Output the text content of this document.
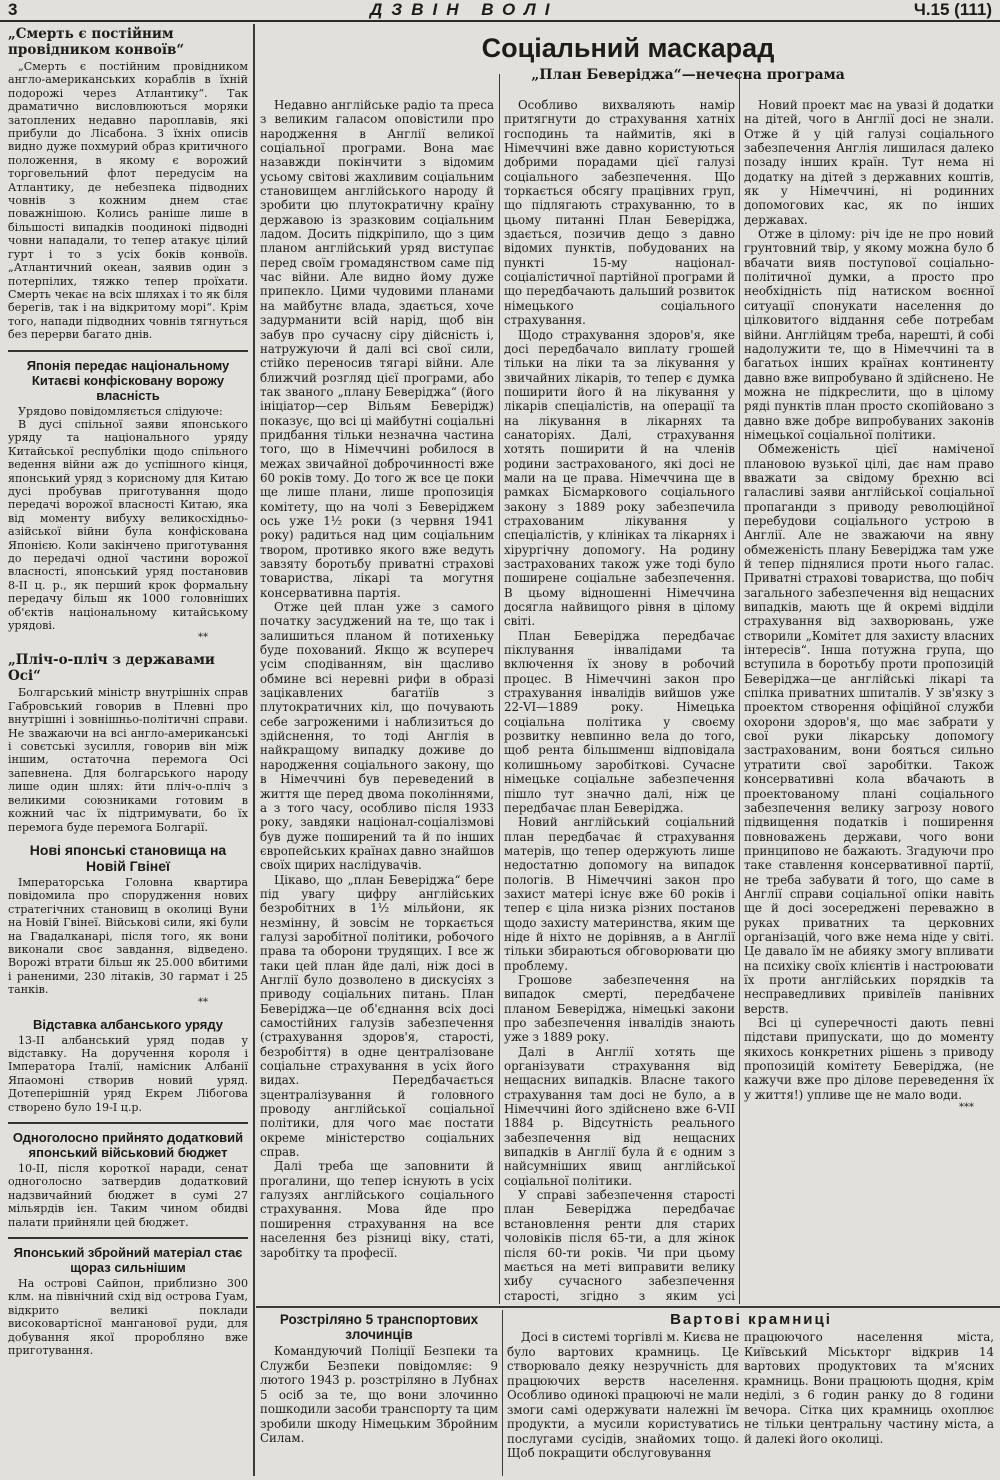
3	ДЗВІН ВОЛІ	Ч.15 (111)
„Смерть є постійним провідником конвоїв“

„Смерть є постійним провідником англо-американських кораблів в їхній подорожі через Атлантику“. Так драматично висловлюються моряки затоплених недавно пароплавів, які прибули до Лісабона. З їхніх описів видно дуже похмурий образ критичного положення, в якому є ворожий торговельний флот передусім на Атлантику, де небезпека підводних човнів з кожним днем стає поважнішою. Колись раніше лише в більшості випадків поодинокі підводні човни нападали, то тепер атакує цілий гурт і то з усіх боків конвоїв. „Атлантичний океан, заявив один з потерпілих, тяжко тепер проїхати. Смерть чекає на всіх шляхах і то як біля берегів, так і на відкритому морі“. Крім того, напади підводних човнів тягнуться без перерви багато днів.

Японія передає національному Китаєві конфісковану ворожу власність

Урядово повідомляється слідуюче:

В дусі спільної заяви японського уряду та національного уряду Китайської республіки щодо спільного ведення війни аж до успішного кінця, японський уряд з корисному для Китаю дусі пробував приготування щодо передачі ворожої власності Китаю, яка від моменту вибуху великосхідньо-азійської війни була конфіскована Японією. Коли закінчено приготування до передачі одної частини ворожої власності, японський уряд постановив 8-ІІ ц. р., як перший крок формальну передачу більш як 1000 головніших об'єктів національному китайському урядові.

**
„Пліч-о-пліч з державами Осі“

Болгарський міністр внутрішніх справ Габровський говорив в Плевні про внутрішні і зовнішньо-політичні справи. Не зважаючи на всі англо-американські і совєтські зусилля, говорив він між іншим, остаточна перемога Осі запевнена. Для болгарського народу лише один шлях: йти пліч-о-пліч з великими союзниками готовим в кожний час їх підтримувати, бо їх перемога буде перемога Болгарії.

Нові японські становища на Новій Гвінеї

Імператорська Головна квартира повідомила про спорудження нових стратегічних становищ в околиці Вуни на Новій Гвінеї. Військові сили, які були на Гвадалканарі, після того, як вони виконали своє завдання, відведено. Ворожі втрати більш як 25.000 вбитими і раненими, 230 літаків, 30 гармат і 25 танків.

**
Відставка албанського уряду

13-ІІ албанський уряд подав у відставку. На доручення короля і Імператора Італії, намісник Албанії Япаомоні створив новий уряд. Дотеперішній уряд Екрем Лібогова створено було 19-І ц.р.

Одноголосно прийнято додатковий японський військовий бюджет

10-ІІ, після короткої наради, сенат одноголосно затвердив додатковий надзвичайний бюджет в сумі 27 мільярдів ієн. Таким чином обидві палати прийняли цей бюджет.

Японський збройний матеріал стає щораз сильнішим

На острові Сайпон, приблизно 300 клм. на північний схід від острова Гуам, відкрито великі поклади високовартісної манганової руди, для добування якої проробляно вже приготування.

Соціальний маскарад
„План Беверіджа“—нечесна програма

Недавно англійське радіо та преса з великим галасом оповістили про народження в Англії великої соціальної програми. Вона має назавжди покінчити з відомим усьому світові жахливим соціальним становищем англійського народу й зробити цю плутократичну країну державою із зразковим соціальним ладом. Досить підкріпило, що з цим планом англійський уряд виступає перед своїм громадянством саме під час війни. Але видно йому дуже припекло. Цими чудовими планами на майбутнє влада, здається, хоче задурманити всій нарід, щоб він забув про сучасну сіру дійсність і, натружуючи й далі всі свої сили, стійко переносив тягарі війни. Але ближчий розгляд цієї програми, або так званого „плану Беверіджа“ (його ініціатор—сер Вільям Беверідж) показує, що всі ці майбутні соціальні придбання тільки незначна частина того, що в Німеччині робилося в межах звичайної доброчинності вже 60 років тому. До того ж все це поки ще лише плани, лише пропозиція комітету, що на чолі з Беверіджем ось уже 1½ роки (з червня 1941 року) радиться над цим соціальним твором, противко якого вже ведуть завзяту боротьбу приватні страхові товариства, лікарі та могутня консервативна партія.

Отже цей план уже з самого початку засуджений на те, що так і залишиться планом й потихеньку буде похований. Якщо ж всупереч усім сподіванням, він щасливо обмине всі неревні рифи в образі зацікавлених багатіїв з плутократичних кіл, що почувають себе загроженими і наблизиться до здійснення, то тоді Англія в найкращому випадку доживе до народження соціального закону, що в Німеччині був переведений в життя ще перед двома поколіннями, а з того часу, особливо після 1933 року, завдяки націонал-соціалізмові був дуже поширений та й по інших європейських країнах давно знайшов своїх щирих наслідувачів.

Цікаво, що „план Беверіджа“ бере під увагу цифру англійських безробітних в 1½ мільйони, як незмінну, й зовсім не торкається галузі заробітної політики, робочого права та оборони трудящих. І все ж таки цей план йде далі, ніж досі в Англії було дозволено в дискусіях з приводу соціальних питань. План Беверіджа—це об'єднання всіх досі самостійних галузів забезпечення (страхування здоров'я, старості, безробіття) в одне централізоване соціальне страхування в усіх його видах. Передбачається зцентралізування й головного проводу англійської соціальної політики, для чого має постати окреме міністерство соціальних справ.

Далі треба ще заповнити й прогалини, що тепер існують в усіх галузях англійського соціального страхування. Мова йде про поширення страхування на все населення без різниці віку, статі, заробітку та професії.

Особливо вихваляють намір притягнути до страхування хатніх господинь та наймитів, які в Німеччині вже давно користуються добрими порадами цієї галузі соціального забезпечення. Що торкається обсягу працівних груп, що підлягають страхуванню, то в цьому питанні План Беверіджа, здається, позичив дещо з давно відомих пунктів, побудованих на пункті 15-му націонал-соціалістичної партійної програми й що передбачають дальший розвиток німецького соціального страхування.

Щодо страхування здоров'я, яке досі передбачало виплату грошей тільки на ліки та за лікування у звичайних лікарів, то тепер є думка поширити його й на лікування у лікарів спеціалістів, на операції та на лікування в лікарнях та санаторіях. Далі, страхування хотять поширити й на членів родини застрахованого, які досі не мали на це права. Німеччина ще в рамках Бісмаркового соціального закону з 1889 року забезпечила страхованим лікування у спеціалістів, у клініках та лікарнях і хірургічну допомогу. На родину застрахованих також уже тоді було поширене соціальне забезпечення. В цьому відношенні Німеччина досягла найвищого рівня в цілому світі.

План Беверіджа передбачає піклування інвалідами та включення їх знову в робочий процес. В Німеччині закон про страхування інвалідів вийшов уже 22-VI—1889 року. Німецька соціальна політика у своєму розвитку невпинно вела до того, щоб рента більшменш відповідала колишньому заробіткові. Сучасне німецьке соціальне забезпечення пішло тут значно далі, ніж це передбачає план Беверіджа.

Новий англійський соціальний план передбачає й страхування матерів, що тепер одержують лише недостатню допомогу на випадок пологів. В Німеччині закон про захист матері існує вже 60 років і тепер є ціла низка різних постанов щодо захисту материнства, яким ще ніде й ніхто не дорівняв, а в Англії тільки збираються обговорювати цю проблему.

Грошове забезпечення на випадок смерті, передбачене планом Беверіджа, німецькі закони про забезпечення інвалідів знають уже з 1889 року.

Далі в Англії хотять ще організувати страхування від нещасних випадків. Власне такого страхування там досі не було, а в Німеччині його здійснено вже 6-VII 1884 р. Відсутність реального забезпечення від нещасних випадків в Англії була й є одним з найсумніших явищ англійської соціальної політики.

У справі забезпечення старості план Беверіджа передбачає встановлення ренти для старих чоловіків після 65-ти, а для жінок після 60-ти років. Чи при цьому мається на меті виправити велику хибу сучасного забезпечення старості, згідно з яким усі

Новий проект має на увазі й додатки на дітей, чого в Англії досі не знали. Отже й у цій галузі соціального забезпечення Англія лишилася далеко позаду інших країн. Тут нема ні додатку на дітей з державних коштів, як у Німеччині, ні родинних допомогових кас, як по інших державах.

Отже в цілому: річ іде не про новий грунтовний твір, у якому можна було б вбачати вияв поступової соціально-політичної думки, а просто про необхідність під натиском воєнної ситуації спонукати населення до цілковитого віддання себе потребам війни. Англійцям треба, нарешті, й собі надолужити те, що в Німеччині та в багатьох інших країнах континенту давно вже випробувано й здійснено. Не можна не підкреслити, що в цілому ряді пунктів план просто скопійовано з давно вже добре випробуваних законів німецької соціальної політики.

Обмеженість цієї наміченої плановою вузької цілі, дає нам право вважати за свідому брехню всі галасливі заяви англійської соціальної пропаганди з приводу революційної перебудови соціального устрою в Англії. Але не зважаючи на явну обмеженість плану Беверіджа там уже й тепер піднялися проти нього галас. Приватні страхові товариства, що побіч загального забезпечення від нещасних випадків, мають ще й окремі відділи страхування від захворювань, уже створили „Комітет для захисту власних інтересів“. Інша потужна група, що вступила в боротьбу проти пропозицій Беверіджа—це англійські лікарі та спілка приватних шпиталів. У зв'язку з проектом створення офіційної служби охорони здоров'я, що має забрати у свої руки лікарську допомогу застрахованим, вони бояться сильно утратити свої заробітки. Також консервативні кола вбачають в проектованому плані соціального забезпечення велику загрозу нового підвищення податків і поширення повноважень держави, чого вони принципово не бажають. Згадуючи про таке ставлення консервативної партії, не треба забувати й того, що саме в Англії справи соціальної опіки навіть ще й досі зосереджені переважно в руках приватних та церковних організацій, чого вже нема ніде у світі. Це давало їм не абияку змогу впливати на психіку своїх клієнтів і настроювати їх проти англійських порядків та несправедливих привілеїв панівних верств.

Всі ці суперечності дають певні підстави припускати, що до моменту якихось конкретних рішень з приводу пропозицій комітету Беверіджа, (не кажучи вже про ділове переведення їх у життя!) упливе ще не мало води.

***
Розстріляно 5 транспортових злочинців

Командуючий Поліції Безпеки та Служби Безпеки повідомляє: 9 лютого 1943 р. розстріляно в Лубнах 5 осіб за те, що вони злочинно пошкодили засоби транспорту та цим зробили шкоду Німецьким Збройним Силам.

Вартові крамниці

Досі в системі торгівлі м. Києва не було вартових крамниць. Це створювало деяку незручність для працюючих верств населення. Особливо одинокі працюючі не мали змоги самі одержувати належні їм продукти, а мусили користуватись послугами сусідів, знайомих тощо. Щоб покращити обслуговування

працюючого населення міста, Київський Міськторг відкрив 14 вартових продуктових та м'ясних крамниць. Вони працюють щодня, крім неділі, з 6 годин ранку до 8 години вечора. Сітка цих крамниць охоплює не тільки центральну частину міста, а й далекі його околиці.
